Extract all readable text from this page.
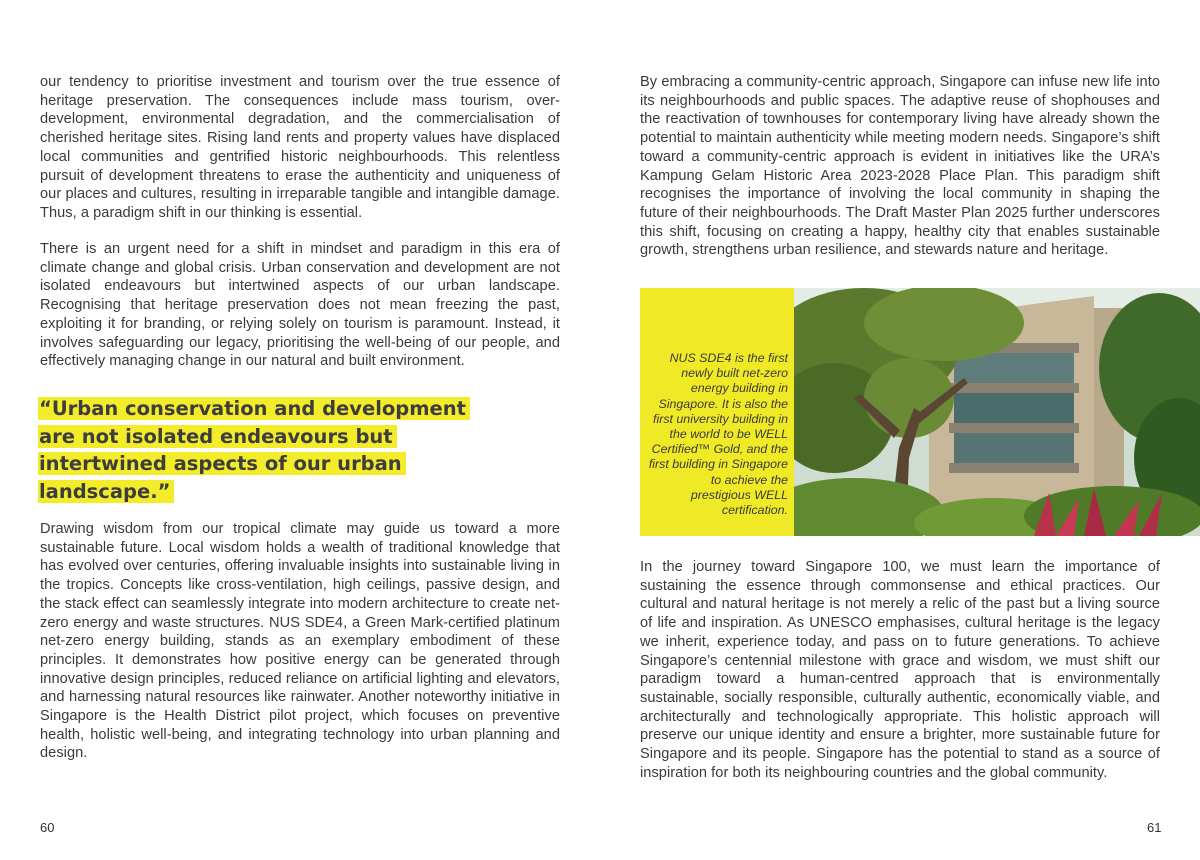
our tendency to prioritise investment and tourism over the true essence of heritage preservation. The consequences include mass tourism, over-development, environmental degradation, and the commercialisation of cherished heritage sites. Rising land rents and property values have displaced local communities and gentrified historic neighbourhoods. This relentless pursuit of development threatens to erase the authenticity and uniqueness of our places and cultures, resulting in irreparable tangible and intangible damage. Thus, a paradigm shift in our thinking is essential.

There is an urgent need for a shift in mindset and paradigm in this era of climate change and global crisis. Urban conservation and development are not isolated endeavours but intertwined aspects of our urban landscape. Recognising that heritage preservation does not mean freezing the past, exploiting it for branding, or relying solely on tourism is paramount. Instead, it involves safeguarding our legacy, prioritising the well-being of our people, and effectively managing change in our natural and built environment.

“Urban conservation and development are not isolated endeavours but intertwined aspects of our urban landscape.”

Drawing wisdom from our tropical climate may guide us toward a more sustainable future. Local wisdom holds a wealth of traditional knowledge that has evolved over centuries, offering invaluable insights into sustainable living in the tropics. Concepts like cross-ventilation, high ceilings, passive design, and the stack effect can seamlessly integrate into modern architecture to create net-zero energy and waste structures. NUS SDE4, a Green Mark-certified platinum net-zero energy building, stands as an exemplary embodiment of these principles. It demonstrates how positive energy can be generated through innovative design principles, reduced reliance on artificial lighting and elevators, and harnessing natural resources like rainwater. Another noteworthy initiative in Singapore is the Health District pilot project, which focuses on preventive health, holistic well-being, and integrating technology into urban planning and design.

60

By embracing a community-centric approach, Singapore can infuse new life into its neighbourhoods and public spaces. The adaptive reuse of shophouses and the reactivation of townhouses for contemporary living have already shown the potential to maintain authenticity while meeting modern needs. Singapore’s shift toward a community-centric approach is evident in initiatives like the URA’s Kampung Gelam Historic Area 2023-2028 Place Plan. This paradigm shift recognises the importance of involving the local community in shaping the future of their neighbourhoods. The Draft Master Plan 2025 further underscores this shift, focusing on creating a happy, healthy city that enables sustainable growth, strengthens urban resilience, and stewards nature and heritage.

NUS SDE4 is the first newly built net-zero energy building in Singapore. It is also the first university building in the world to be WELL Certified™ Gold, and the first building in Singapore to achieve the prestigious WELL certification.

In the journey toward Singapore 100, we must learn the importance of sustaining the essence through commonsense and ethical practices. Our cultural and natural heritage is not merely a relic of the past but a living source of life and inspiration. As UNESCO emphasises, cultural heritage is the legacy we inherit, experience today, and pass on to future generations. To achieve Singapore’s centennial milestone with grace and wisdom, we must shift our paradigm toward a human-centred approach that is environmentally sustainable, socially responsible, culturally authentic, economically viable, and architecturally and technologically appropriate. This holistic approach will preserve our unique identity and ensure a brighter, more sustainable future for Singapore and its people. Singapore has the potential to stand as a source of inspiration for both its neighbouring countries and the global community.

61
